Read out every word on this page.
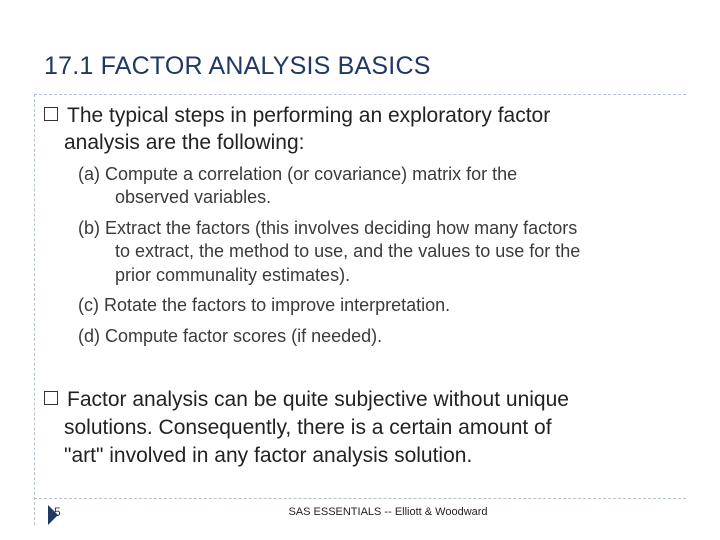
17.1 FACTOR ANALYSIS BASICS
The typical steps in performing an exploratory factor
analysis are the following:
(a) Compute a correlation (or covariance) matrix for the
observed variables.
(b) Extract the factors (this involves deciding how many factors
to extract, the method to use, and the values to use for the
prior communality estimates).
(c) Rotate the factors to improve interpretation.
(d) Compute factor scores (if needed).
Factor analysis can be quite subjective without unique
solutions. Consequently, there is a certain amount of
"art" involved in any factor analysis solution.
5	SAS ESSENTIALS -- Elliott & Woodward
